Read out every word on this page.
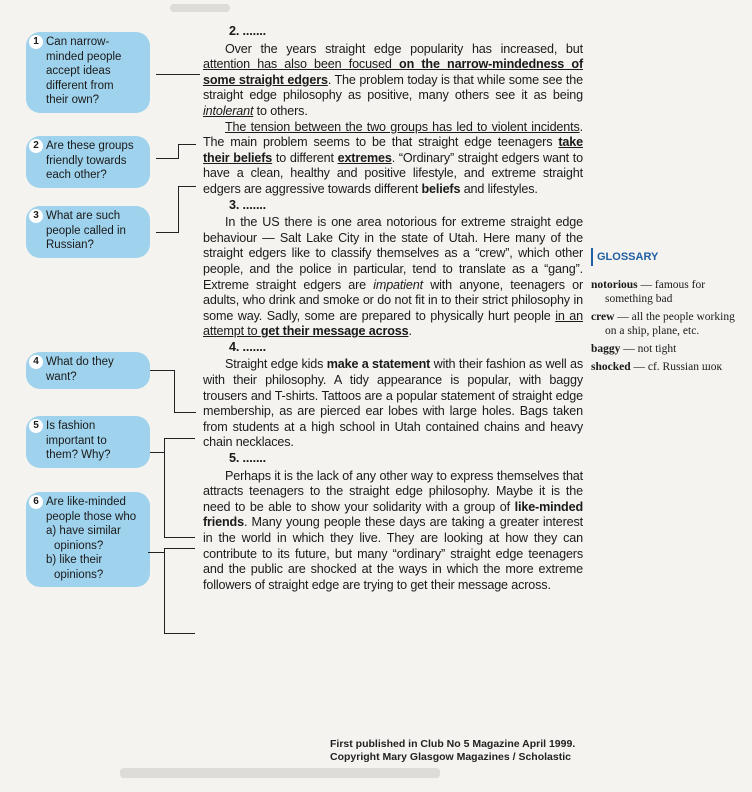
1 Can narrow-
minded people
accept ideas
different from
their own?
2 Are these groups
friendly towards
each other?
3 What are such
people called in
Russian?
4 What do they
want?
5 Is fashion
important to
them? Why?
6 Are like-minded
people those who
a) have similar opinions?
b) like their opinions?
2. .......

Over the years straight edge popularity has increased, but attention has also been focused on the narrow-mindedness of some straight edgers. The problem today is that while some see the straight edge philosophy as positive, many others see it as being intolerant to others.

The tension between the two groups has led to violent incidents. The main problem seems to be that straight edge teenagers take their beliefs to different extremes. “Ordinary” straight edgers want to have a clean, healthy and positive lifestyle, and extreme straight edgers are aggressive towards different beliefs and lifestyles.

3. .......

In the US there is one area notorious for extreme straight edge behaviour — Salt Lake City in the state of Utah. Here many of the straight edgers like to classify themselves as a “crew”, which other people, and the police in particular, tend to translate as a “gang”. Extreme straight edgers are impatient with anyone, teenagers or adults, who drink and smoke or do not fit in to their strict philosophy in some way. Sadly, some are prepared to physically hurt people in an attempt to get their message across.

4. .......

Straight edge kids make a statement with their fashion as well as with their philosophy. A tidy appearance is popular, with baggy trousers and T-shirts. Tattoos are a popular statement of straight edge membership, as are pierced ear lobes with large holes. Bags taken from students at a high school in Utah contained chains and heavy chain necklaces.

5. .......

Perhaps it is the lack of any other way to express themselves that attracts teenagers to the straight edge philosophy. Maybe it is the need to be able to show your solidarity with a group of like-minded friends. Many young people these days are taking a greater interest in the world in which they live. They are looking at how they can contribute to its future, but many “ordinary” straight edge teenagers and the public are shocked at the ways in which the more extreme followers of straight edge are trying to get their message across.

First published in Club No 5 Magazine April 1999.
Copyright Mary Glasgow Magazines / Scholastic
GLOSSARY
notorious — famous for something bad
crew — all the people working on a ship, plane, etc.
baggy — not tight
shocked — cf. Russian шок
